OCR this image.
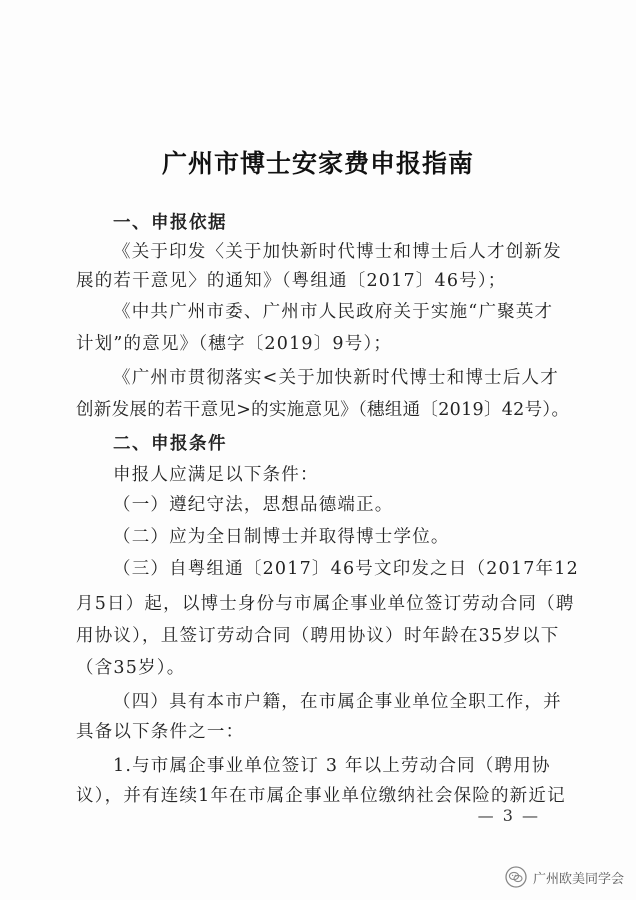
广州市博士安家费申报指南
一、申报依据
《关于印发〈关于加快新时代博士和博士后人才创新发
展的若干意见〉的通知》（粤组通〔2017〕46号）；
《中共广州市委、广州市人民政府关于实施“广聚英才
计划”的意见》（穗字〔2019〕9号）；
《广州市贯彻落实<关于加快新时代博士和博士后人才
创新发展的若干意见>的实施意见》（穗组通〔2019〕42号）。
二、申报条件
申报人应满足以下条件：
（一）遵纪守法，思想品德端正。
（二）应为全日制博士并取得博士学位。
（三）自粤组通〔2017〕46号文印发之日（2017年12
月5日）起，以博士身份与市属企事业单位签订劳动合同（聘
用协议），且签订劳动合同（聘用协议）时年龄在35岁以下
（含35岁）。
（四）具有本市户籍，在市属企事业单位全职工作，并
具备以下条件之一：
1.与市属企事业单位签订 3 年以上劳动合同（聘用协
议），并有连续1年在市属企事业单位缴纳社会保险的新近记
— 3 —
广州欧美同学会
